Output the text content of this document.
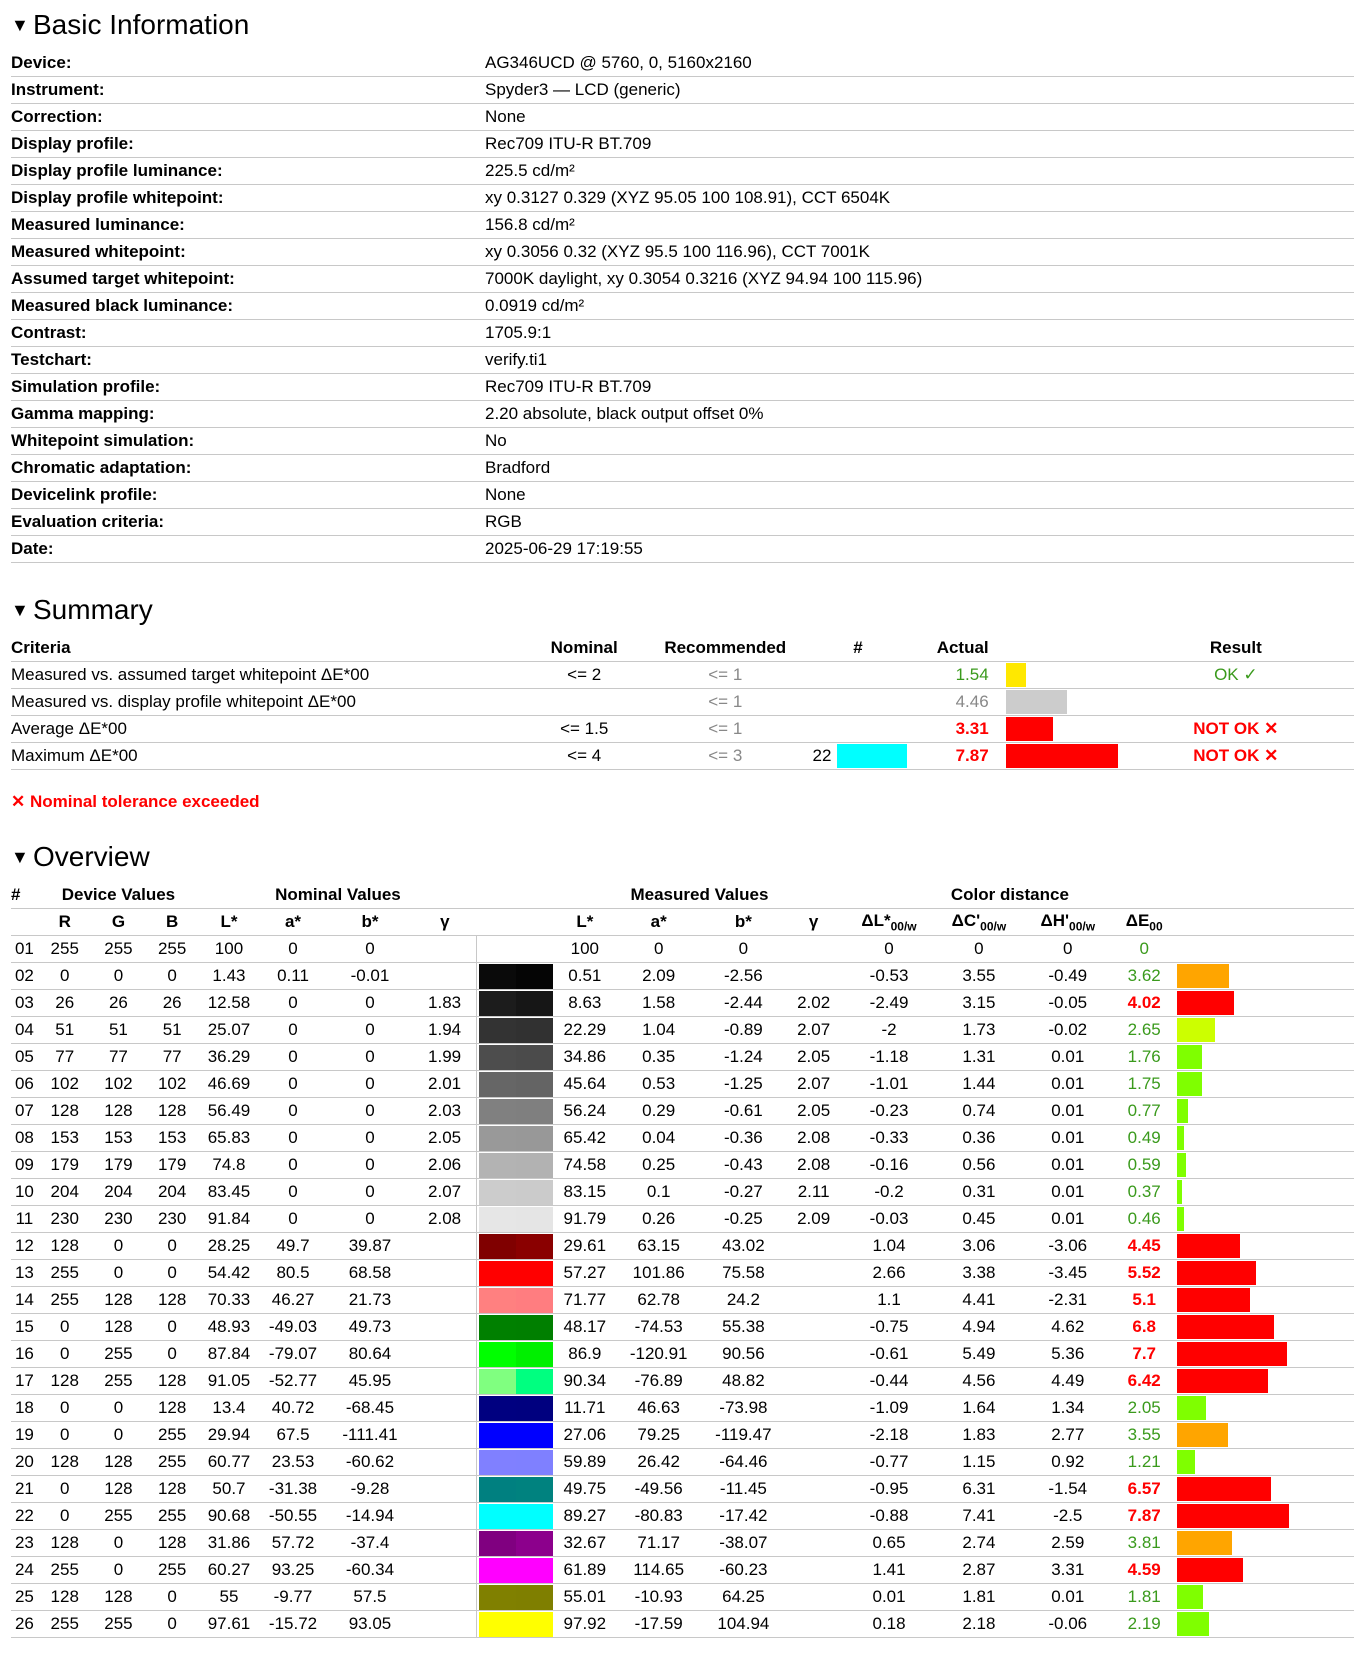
▼ Basic Information
Device:	AG346UCD @ 5760, 0, 5160x2160
Instrument:	Spyder3 — LCD (generic)
Correction:	None
Display profile:	Rec709 ITU-R BT.709
Display profile luminance:	225.5 cd/m²
Display profile whitepoint:	xy 0.3127 0.329 (XYZ 95.05 100 108.91), CCT 6504K
Measured luminance:	156.8 cd/m²
Measured whitepoint:	xy 0.3056 0.32 (XYZ 95.5 100 116.96), CCT 7001K
Assumed target whitepoint:	7000K daylight, xy 0.3054 0.3216 (XYZ 94.94 100 115.96)
Measured black luminance:	0.0919 cd/m²
Contrast:	1705.9:1
Testchart:	verify.ti1
Simulation profile:	Rec709 ITU-R BT.709
Gamma mapping:	2.20 absolute, black output offset 0%
Whitepoint simulation:	No
Chromatic adaptation:	Bradford
Devicelink profile:	None
Evaluation criteria:	RGB
Date:	2025-06-29 17:19:55
▼ Summary
Criteria	Nominal	Recommended	#		Actual		Result
Measured vs. assumed target whitepoint ΔE*00	<= 2	<= 1			1.54		OK ✓
Measured vs. display profile whitepoint ΔE*00		<= 1			4.46	

Average ΔE*00	<= 1.5	<= 1			3.31		NOT OK ✕
Maximum ΔE*00	<= 4	<= 3	22		7.87		NOT OK ✕
✕ Nominal tolerance exceeded
▼ Overview
#	Device Values			Nominal Values					Measured Values				Color distance				
	R	G	B	L*	a*	b*	γ		L*	a*	b*	γ	$\Delta L*_{00/w}$	$\Delta C'_{00/w}$	$\Delta H'_{00/w}$	$\Delta E_{00}$	
01	255	255	255	100	0	0			100	0	0		0	0	0	0	

02	0	0	0	1.43	0.11	-0.01			0.51	2.09	-2.56		-0.53	3.55	-0.49	3.62	

03	26	26	26	12.58	0	0	1.83		8.63	1.58	-2.44	2.02	-2.49	3.15	-0.05	4.02	

04	51	51	51	25.07	0	0	1.94		22.29	1.04	-0.89	2.07	-2	1.73	-0.02	2.65	

05	77	77	77	36.29	0	0	1.99		34.86	0.35	-1.24	2.05	-1.18	1.31	0.01	1.76	

06	102	102	102	46.69	0	0	2.01		45.64	0.53	-1.25	2.07	-1.01	1.44	0.01	1.75	

07	128	128	128	56.49	0	0	2.03		56.24	0.29	-0.61	2.05	-0.23	0.74	0.01	0.77	

08	153	153	153	65.83	0	0	2.05		65.42	0.04	-0.36	2.08	-0.33	0.36	0.01	0.49	

09	179	179	179	74.8	0	0	2.06		74.58	0.25	-0.43	2.08	-0.16	0.56	0.01	0.59	

10	204	204	204	83.45	0	0	2.07		83.15	0.1	-0.27	2.11	-0.2	0.31	0.01	0.37	

11	230	230	230	91.84	0	0	2.08		91.79	0.26	-0.25	2.09	-0.03	0.45	0.01	0.46	

12	128	0	0	28.25	49.7	39.87			29.61	63.15	43.02		1.04	3.06	-3.06	4.45	

13	255	0	0	54.42	80.5	68.58			57.27	101.86	75.58		2.66	3.38	-3.45	5.52	

14	255	128	128	70.33	46.27	21.73			71.77	62.78	24.2		1.1	4.41	-2.31	5.1	

15	0	128	0	48.93	-49.03	49.73			48.17	-74.53	55.38		-0.75	4.94	4.62	6.8	

16	0	255	0	87.84	-79.07	80.64			86.9	-120.91	90.56		-0.61	5.49	5.36	7.7	

17	128	255	128	91.05	-52.77	45.95			90.34	-76.89	48.82		-0.44	4.56	4.49	6.42	

18	0	0	128	13.4	40.72	-68.45			11.71	46.63	-73.98		-1.09	1.64	1.34	2.05	

19	0	0	255	29.94	67.5	-111.41			27.06	79.25	-119.47		-2.18	1.83	2.77	3.55	

20	128	128	255	60.77	23.53	-60.62			59.89	26.42	-64.46		-0.77	1.15	0.92	1.21	

21	0	128	128	50.7	-31.38	-9.28			49.75	-49.56	-11.45		-0.95	6.31	-1.54	6.57	

22	0	255	255	90.68	-50.55	-14.94			89.27	-80.83	-17.42		-0.88	7.41	-2.5	7.87	

23	128	0	128	31.86	57.72	-37.4			32.67	71.17	-38.07		0.65	2.74	2.59	3.81	

24	255	0	255	60.27	93.25	-60.34			61.89	114.65	-60.23		1.41	2.87	3.31	4.59	

25	128	128	0	55	-9.77	57.5			55.01	-10.93	64.25		0.01	1.81	0.01	1.81	

26	255	255	0	97.61	-15.72	93.05			97.92	-17.59	104.94		0.18	2.18	-0.06	2.19	
